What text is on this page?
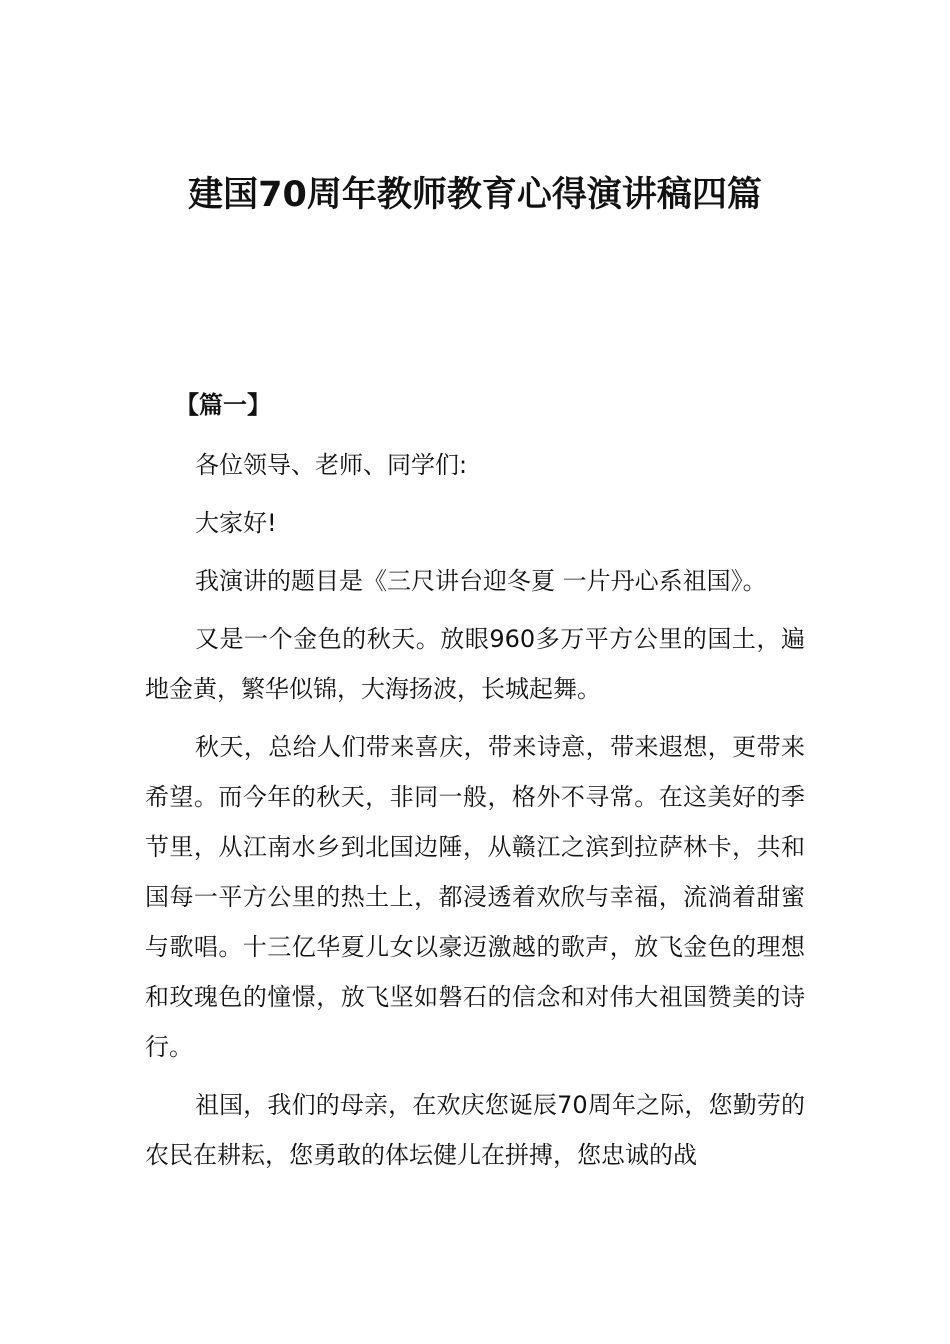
建国70周年教师教育心得演讲稿四篇
【篇一】

各位领导、老师、同学们:

大家好!

我演讲的题目是《三尺讲台迎冬夏 一片丹心系祖国》。

又是一个金色的秋天。放眼960多万平方公里的国土，遍地金黄，繁华似锦，大海扬波，长城起舞。

秋天，总给人们带来喜庆，带来诗意，带来遐想，更带来希望。而今年的秋天，非同一般，格外不寻常。在这美好的季节里，从江南水乡到北国边陲，从赣江之滨到拉萨林卡，共和国每一平方公里的热土上，都浸透着欢欣与幸福，流淌着甜蜜与歌唱。十三亿华夏儿女以豪迈激越的歌声，放飞金色的理想和玫瑰色的憧憬，放飞坚如磐石的信念和对伟大祖国赞美的诗行。

祖国，我们的母亲，在欢庆您诞辰70周年之际，您勤劳的农民在耕耘，您勇敢的体坛健儿在拼搏，您忠诚的战
